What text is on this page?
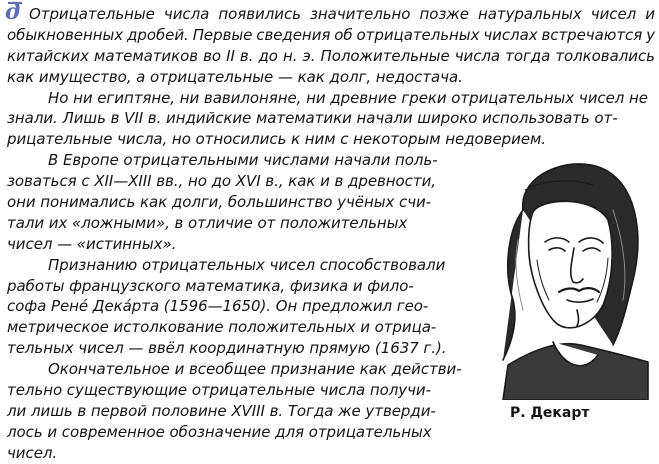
д Отрицательные числа появились значительно позже натуральных чисел и
обыкновенных дробей. Первые сведения об отрицательных числах встречаются у
китайских математиков во II в. до н. э. Положительные числа тогда толковались
как имущество, а отрицательные — как долг, недостача.
Но ни египтяне, ни вавилоняне, ни древние греки отрицательных чисел не
знали. Лишь в VII в. индийские математики начали широко использовать от-
рицательные числа, но относились к ним с некоторым недоверием.
В Европе отрицательными числами начали поль-
зоваться с XII—XIII вв., но до XVI в., как и в древности,
они понимались как долги, большинство учёных счи-
тали их «ложными», в отличие от положительных
чисел — «истинных».
Признанию отрицательных чисел способствовали
работы французского математика, физика и фило-
софа Рене́ Дека́рта (1596—1650). Он предложил гео-
метрическое истолкование положительных и отрица-
тельных чисел — ввёл координатную прямую (1637 г.).
Окончательное и всеобщее признание как действи-
тельно существующие отрицательные числа получи-
ли лишь в первой половине XVIII в. Тогда же утверди-
лось и современное обозначение для отрицательных
чисел.
Р. Декарт
